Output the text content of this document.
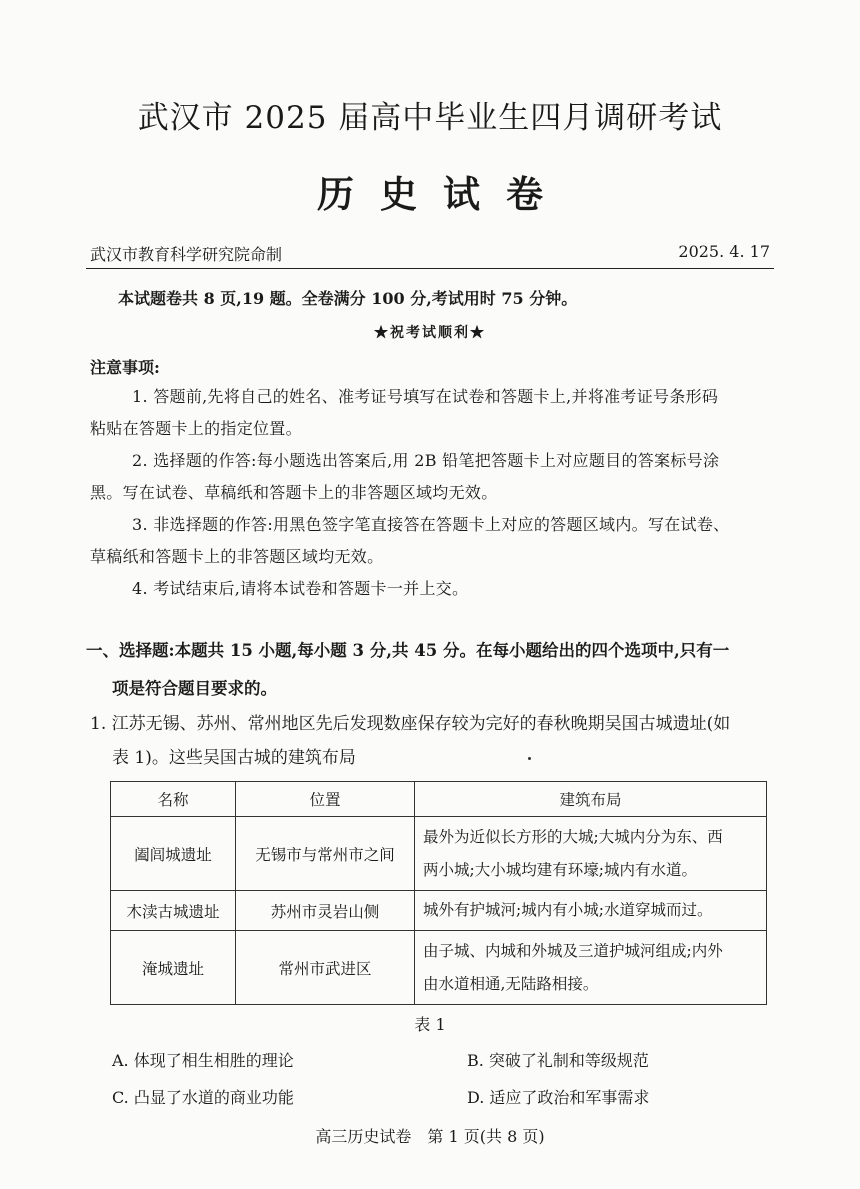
武汉市 2025 届高中毕业生四月调研考试
历史试卷
武汉市教育科学研究院命制	2025. 4. 17
本试题卷共 8 页,19 题。全卷满分 100 分,考试用时 75 分钟。
★祝考试顺利★
注意事项:
1. 答题前,先将自己的姓名、准考证号填写在试卷和答题卡上,并将准考证号条形码
粘贴在答题卡上的指定位置。
2. 选择题的作答:每小题选出答案后,用 2B 铅笔把答题卡上对应题目的答案标号涂
黑。写在试卷、草稿纸和答题卡上的非答题区域均无效。
3. 非选择题的作答:用黑色签字笔直接答在答题卡上对应的答题区域内。写在试卷、
草稿纸和答题卡上的非答题区域均无效。
4. 考试结束后,请将本试卷和答题卡一并上交。
一、选择题:本题共 15 小题,每小题 3 分,共 45 分。在每小题给出的四个选项中,只有一
项是符合题目要求的。
1. 江苏无锡、苏州、常州地区先后发现数座保存较为完好的春秋晚期吴国古城遗址(如
表 1)。这些吴国古城的建筑布局
名称	位置	建筑布局
阖闾城遗址	无锡市与常州市之间	最外为近似长方形的大城;大城内分为东、西
两小城;大小城均建有环壕;城内有水道。

木渎古城遗址	苏州市灵岩山侧	城外有护城河;城内有小城;水道穿城而过。

淹城遗址	常州市武进区	由子城、内城和外城及三道护城河组成;内外
由水道相通,无陆路相接。
表 1
A. 体现了相生相胜的理论	B. 突破了礼制和等级规范
C. 凸显了水道的商业功能	D. 适应了政治和军事需求
高三历史试卷　第 1 页(共 8 页)
